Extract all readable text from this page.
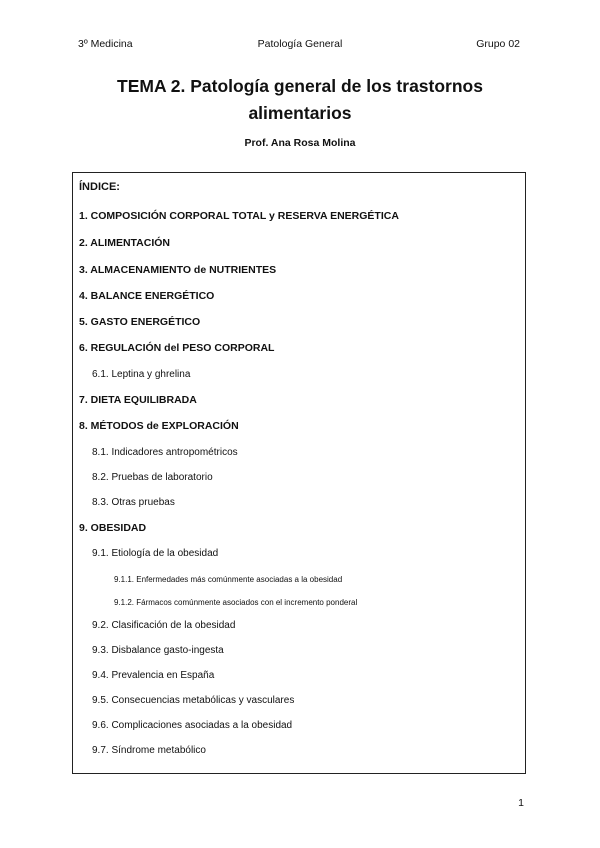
3º Medicina	Patología General	Grupo 02
TEMA 2. Patología general de los trastornos alimentarios
Prof. Ana Rosa Molina
ÍNDICE:
1. COMPOSICIÓN CORPORAL TOTAL y RESERVA ENERGÉTICA
2. ALIMENTACIÓN
3. ALMACENAMIENTO de NUTRIENTES
4. BALANCE ENERGÉTICO
5. GASTO ENERGÉTICO
6. REGULACIÓN del PESO CORPORAL
6.1. Leptina y ghrelina
7. DIETA EQUILIBRADA
8. MÉTODOS de EXPLORACIÓN
8.1. Indicadores antropométricos
8.2. Pruebas de laboratorio
8.3. Otras pruebas
9. OBESIDAD
9.1. Etiología de la obesidad
9.1.1. Enfermedades más comúnmente asociadas a la obesidad
9.1.2. Fármacos comúnmente asociados con el incremento ponderal
9.2. Clasificación de la obesidad
9.3. Disbalance gasto-ingesta
9.4. Prevalencia en España
9.5. Consecuencias metabólicas y vasculares
9.6. Complicaciones asociadas a la obesidad
9.7. Síndrome metabólico
1
